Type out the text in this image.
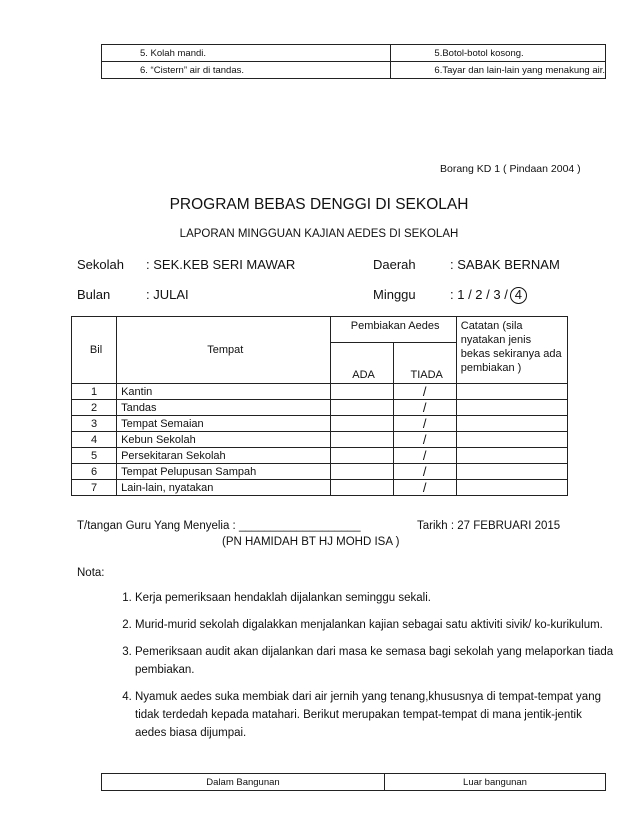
5. Kolah mandi.	5.Botol-botol kosong.
6. “Cistern” air di tandas.	6.Tayar dan lain-lain yang menakung air.
Borang KD 1 ( Pindaan 2004 )
PROGRAM BEBAS DENGGI DI SEKOLAH
LAPORAN MINGGUAN KAJIAN AEDES DI SEKOLAH
Sekolah : SEK.KEB SERI MAWAR	Daerah	: SABAK BERNAM
Bulan	: JULAI	Minggu	: 1 / 2 / 3 / 4
Bil	Tempat	Pembiakan Aedes		Catatan (sila nyatakan jenis bekas sekiranya ada pembiakan )
		ADA	TIADA	
1	Kantin		/	
2	Tandas		/	
3	Tempat Semaian		/	
4	Kebun Sekolah		/	
5	Persekitaran Sekolah		/	
6	Tempat Pelupusan Sampah		/	
7	Lain-lain, nyatakan		/	
T/tangan Guru Yang Menyelia : ___________________	Tarikh : 27 FEBRUARI 2015
(PN HAMIDAH BT HJ MOHD ISA )
Nota:
1. Kerja pemeriksaan hendaklah dijalankan seminggu sekali.
2. Murid-murid sekolah digalakkan menjalankan kajian sebagai satu aktiviti sivik/ ko-kurikulum.
3. Pemeriksaan audit akan dijalankan dari masa ke semasa bagi sekolah yang melaporkan tiada pembiakan.
4. Nyamuk aedes suka membiak dari air jernih yang tenang,khususnya di tempat-tempat yang tidak terdedah kepada matahari. Berikut merupakan tempat-tempat di mana jentik-jentik aedes biasa dijumpai.
Dalam Bangunan	Luar bangunan
